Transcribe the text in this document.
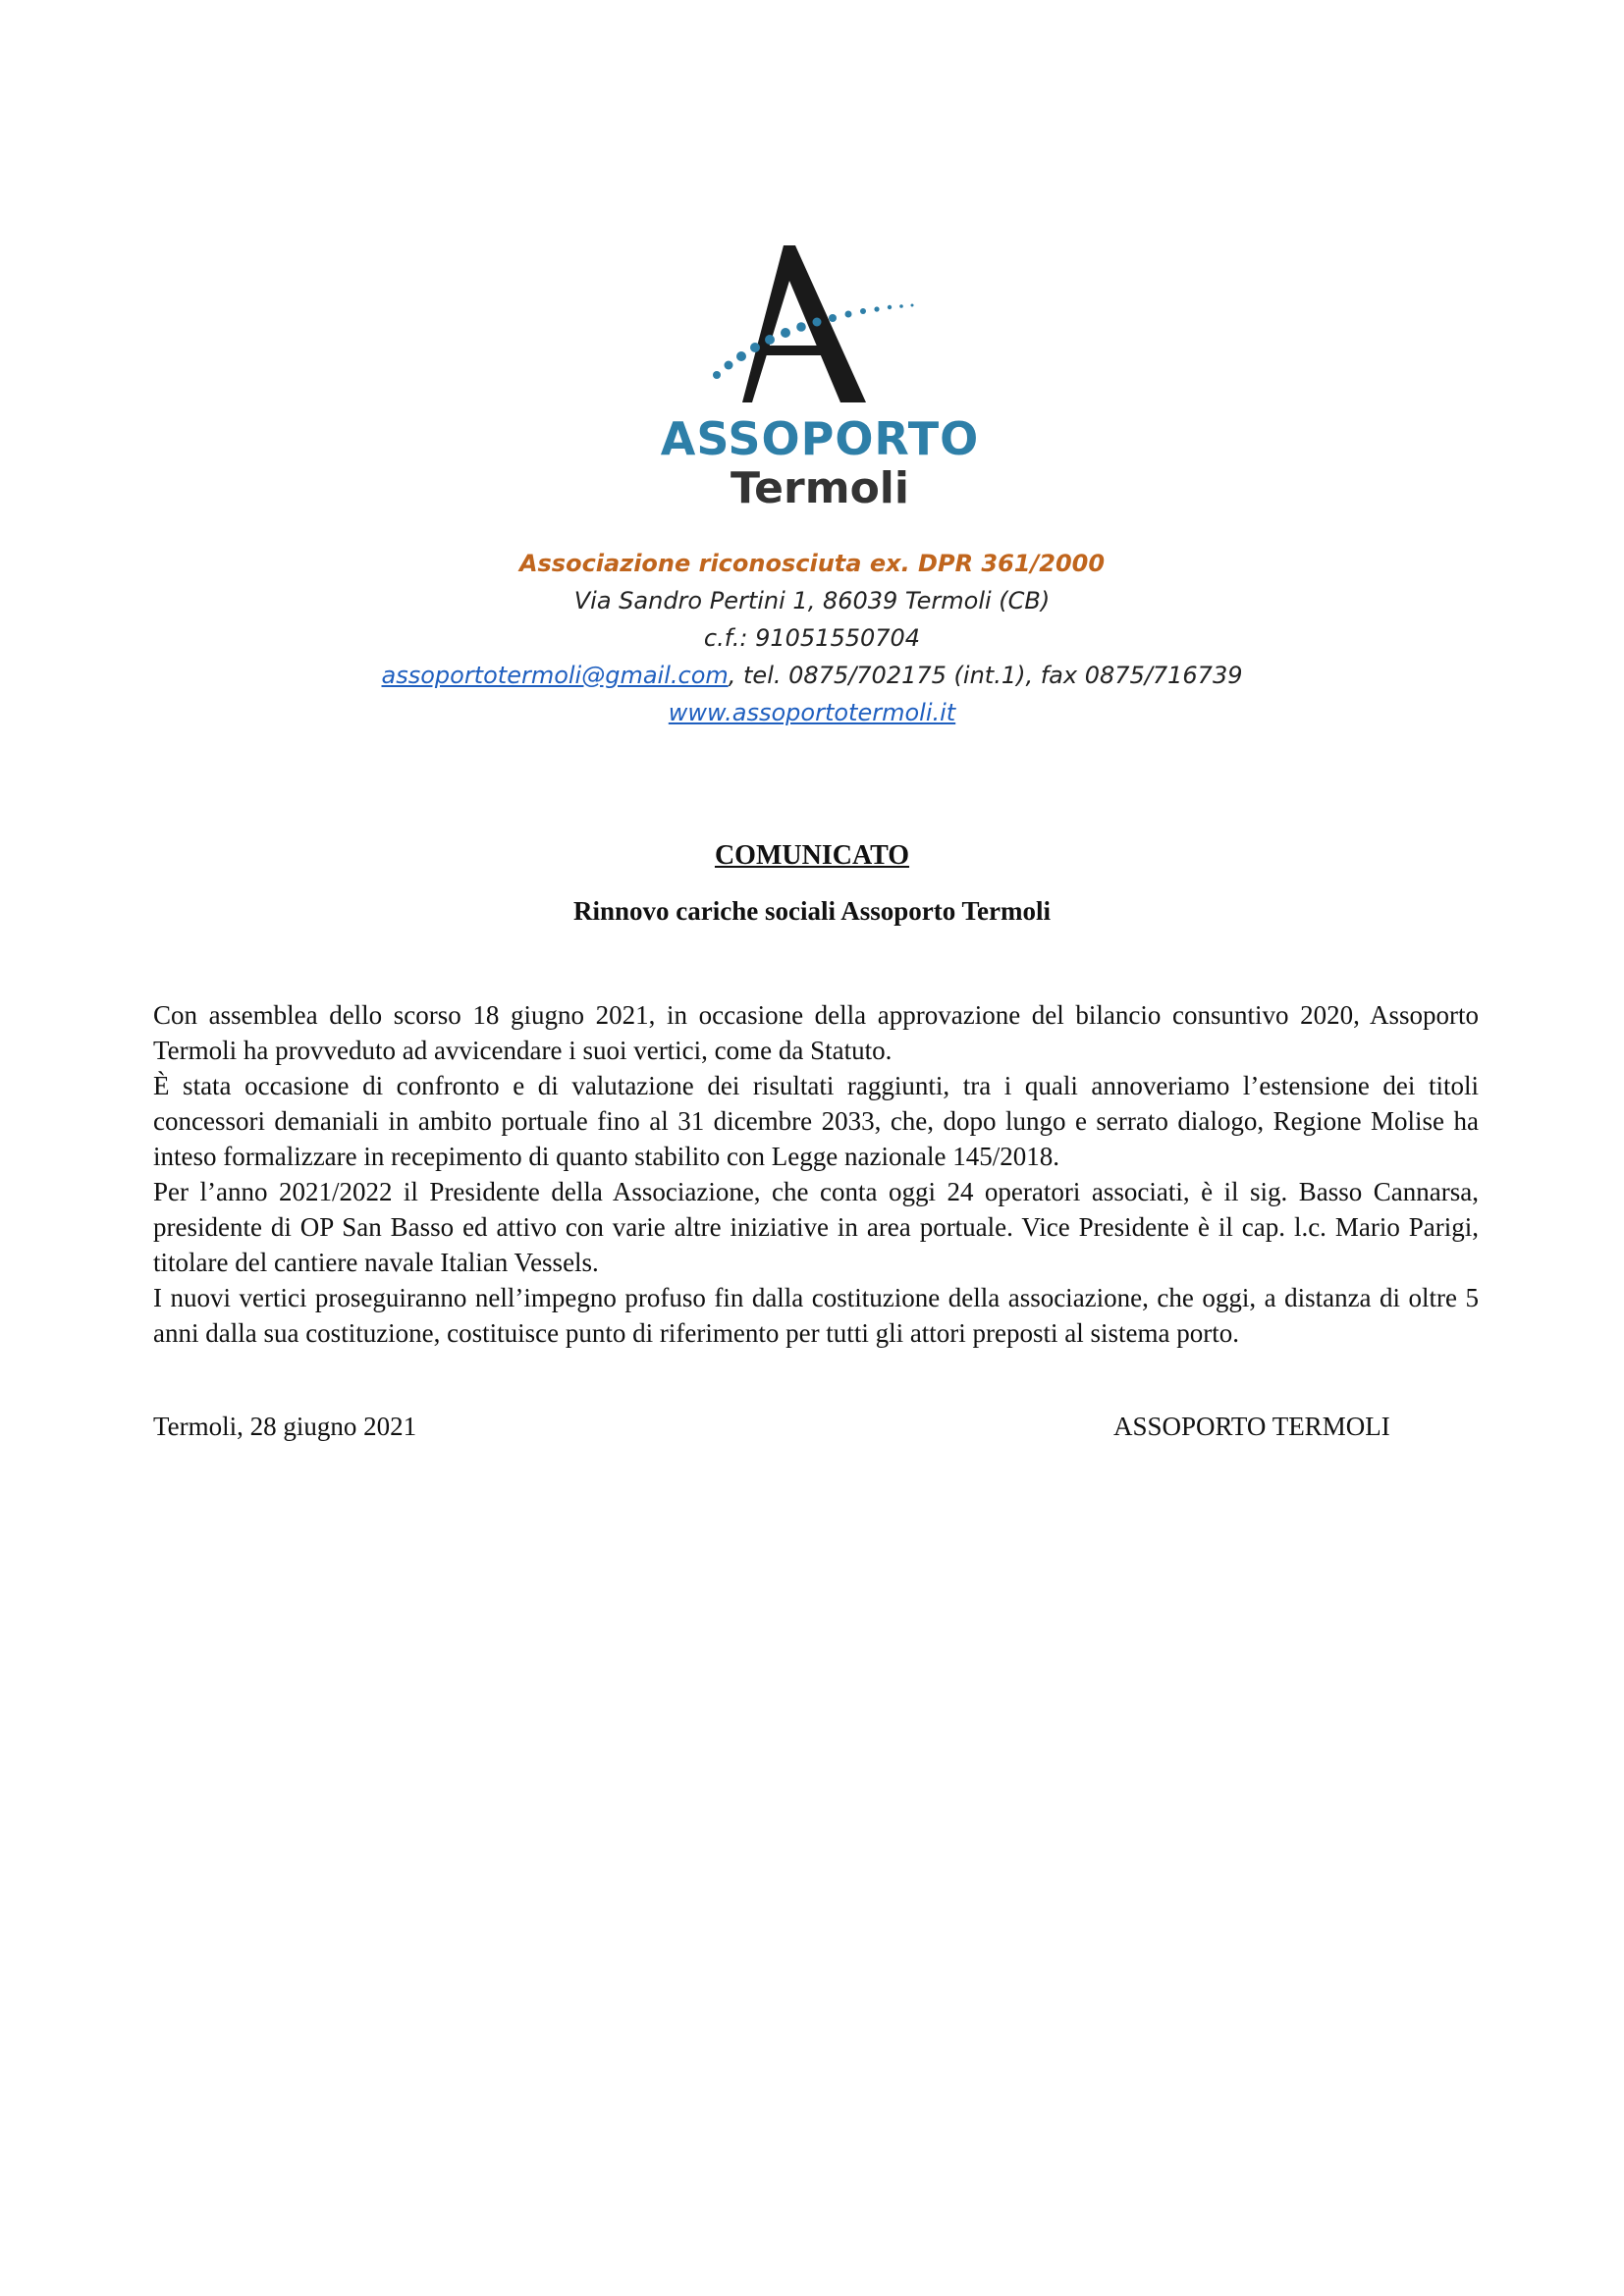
ASSOPORTO
Termoli
Associazione riconosciuta ex. DPR 361/2000
Via Sandro Pertini 1, 86039 Termoli (CB)
c.f.: 91051550704
assoportotermoli@gmail.com, tel. 0875/702175 (int.1), fax 0875/716739
www.assoportotermoli.it
COMUNICATO
Rinnovo cariche sociali Assoporto Termoli

Con assemblea dello scorso 18 giugno 2021, in occasione della approvazione del bilancio consuntivo 2020, Assoporto Termoli ha provveduto ad avvicendare i suoi vertici, come da Statuto.

È stata occasione di confronto e di valutazione dei risultati raggiunti, tra i quali annoveriamo l’estensione dei titoli concessori demaniali in ambito portuale fino al 31 dicembre 2033, che, dopo lungo e serrato dialogo, Regione Molise ha inteso formalizzare in recepimento di quanto stabilito con Legge nazionale 145/2018.

Per l’anno 2021/2022 il Presidente della Associazione, che conta oggi 24 operatori associati, è il sig. Basso Cannarsa, presidente di OP San Basso ed attivo con varie altre iniziative in area portuale. Vice Presidente è il cap. l.c. Mario Parigi, titolare del cantiere navale Italian Vessels.

I nuovi vertici proseguiranno nell’impegno profuso fin dalla costituzione della associazione, che oggi, a distanza di oltre 5 anni dalla sua costituzione, costituisce punto di riferimento per tutti gli attori preposti al sistema porto.

Termoli, 28 giugno 2021	ASSOPORTO TERMOLI
